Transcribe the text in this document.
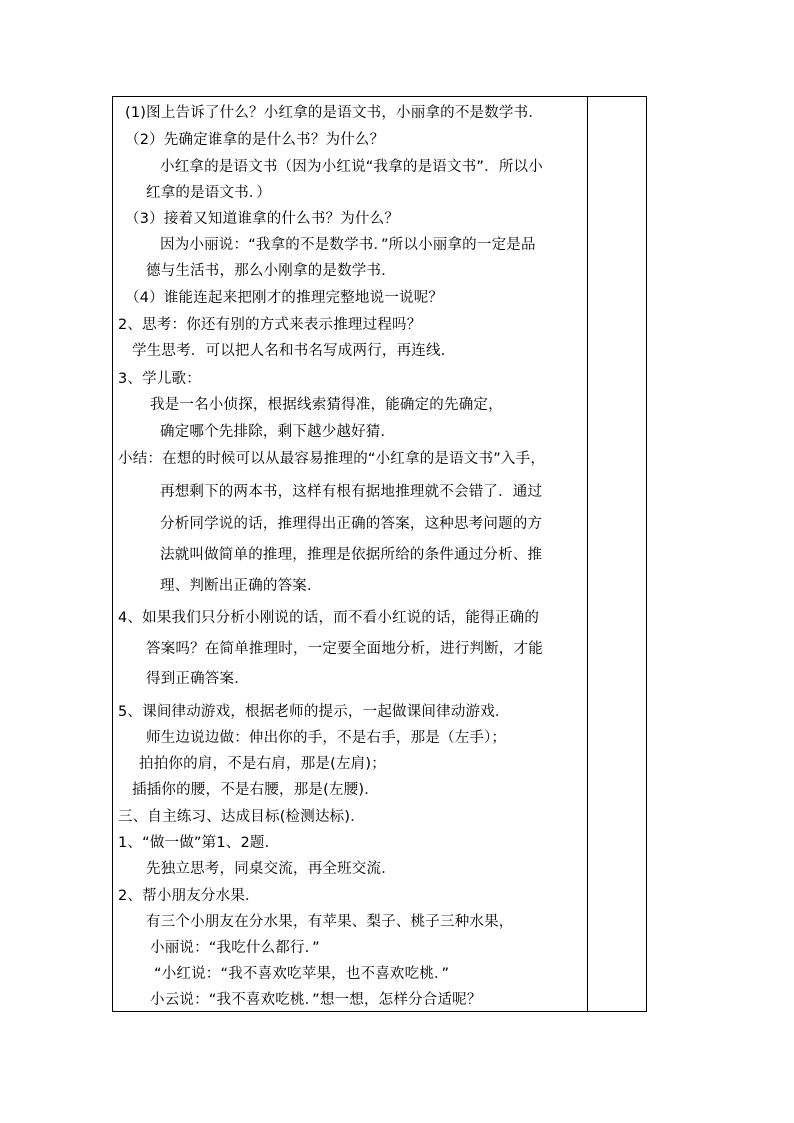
(1)图上告诉了什么？小红拿的是语文书，小丽拿的不是数学书．
（2）先确定谁拿的是什么书？为什么？
小红拿的是语文书（因为小红说“我拿的是语文书”．所以小
红拿的是语文书．）
（3）接着又知道谁拿的什么书？为什么？
因为小丽说：“我拿的不是数学书．”所以小丽拿的一定是品
德与生活书，那么小刚拿的是数学书．
（4）谁能连起来把刚才的推理完整地说一说呢？
2、思考：你还有别的方式来表示推理过程吗？
学生思考．可以把人名和书名写成两行，再连线．
3、学儿歌：
我是一名小侦探，根据线索猜得准，能确定的先确定，
确定哪个先排除，剩下越少越好猜．
小结：在想的时候可以从最容易推理的“小红拿的是语文书”入手，
再想剩下的两本书，这样有根有据地推理就不会错了．通过
分析同学说的话，推理得出正确的答案，这种思考问题的方
法就叫做简单的推理，推理是依据所给的条件通过分析、推
理、判断出正确的答案．
4、如果我们只分析小刚说的话，而不看小红说的话，能得正确的
答案吗？在简单推理时，一定要全面地分析，进行判断，才能
得到正确答案．
5、课间律动游戏，根据老师的提示，一起做课间律动游戏．
师生边说边做：伸出你的手，不是右手，那是（左手）；
拍拍你的肩，不是右肩，那是(左肩)；
插插你的腰，不是右腰，那是(左腰)．
三、自主练习、达成目标(检测达标)．
1、“做一做”第1、2题．
先独立思考，同桌交流，再全班交流．
2、帮小朋友分水果．
有三个小朋友在分水果，有苹果、梨子、桃子三种水果，
小丽说：“我吃什么都行．”
“小红说：“我不喜欢吃苹果，也不喜欢吃桃．”
小云说：“我不喜欢吃桃．”想一想，怎样分合适呢？
